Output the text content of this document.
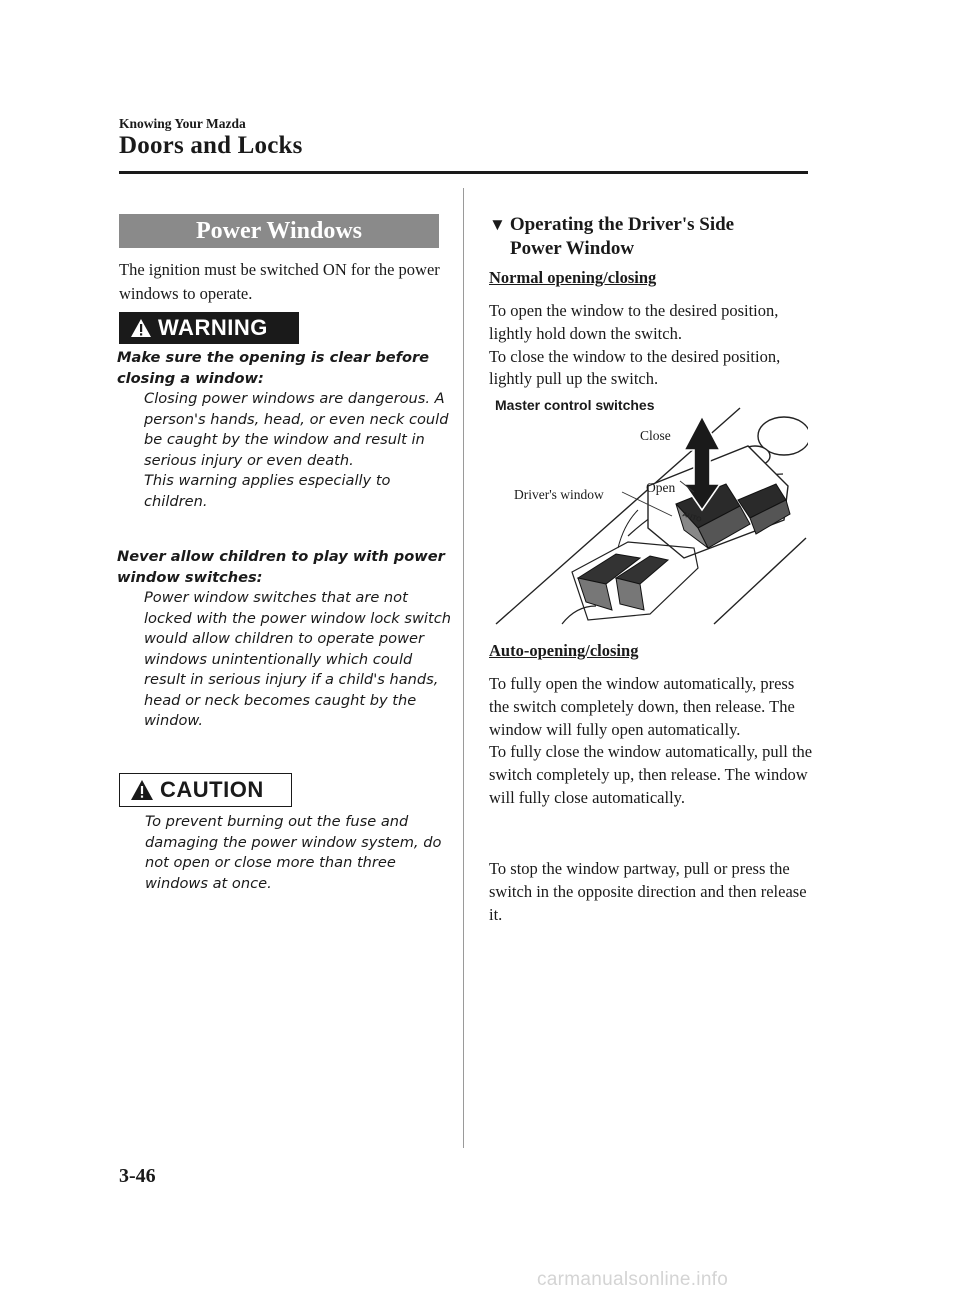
Knowing Your Mazda
Doors and Locks
Power Windows
The ignition must be switched ON for the power windows to operate.
WARNING
Make sure the opening is clear before closing a window:
Closing power windows are dangerous. A person's hands, head, or even neck could be caught by the window and result in serious injury or even death.
This warning applies especially to children.
Never allow children to play with power window switches:
Power window switches that are not locked with the power window lock switch would allow children to operate power windows unintentionally which could result in serious injury if a child's hands, head or neck becomes caught by the window.
CAUTION
To prevent burning out the fuse and damaging the power window system, do not open or close more than three windows at once.
▼ Operating the Driver's Side
Power Window
Normal opening/closing
To open the window to the desired position, lightly hold down the switch.
To close the window to the desired position, lightly pull up the switch.
AUTO
Master control switches
Close
Open
Driver's window
Auto-opening/closing
To fully open the window automatically, press the switch completely down, then release. The window will fully open automatically.
To fully close the window automatically, pull the switch completely up, then release. The window will fully close automatically.
To stop the window partway, pull or press the switch in the opposite direction and then release it.
3-46
carmanualsonline.info
